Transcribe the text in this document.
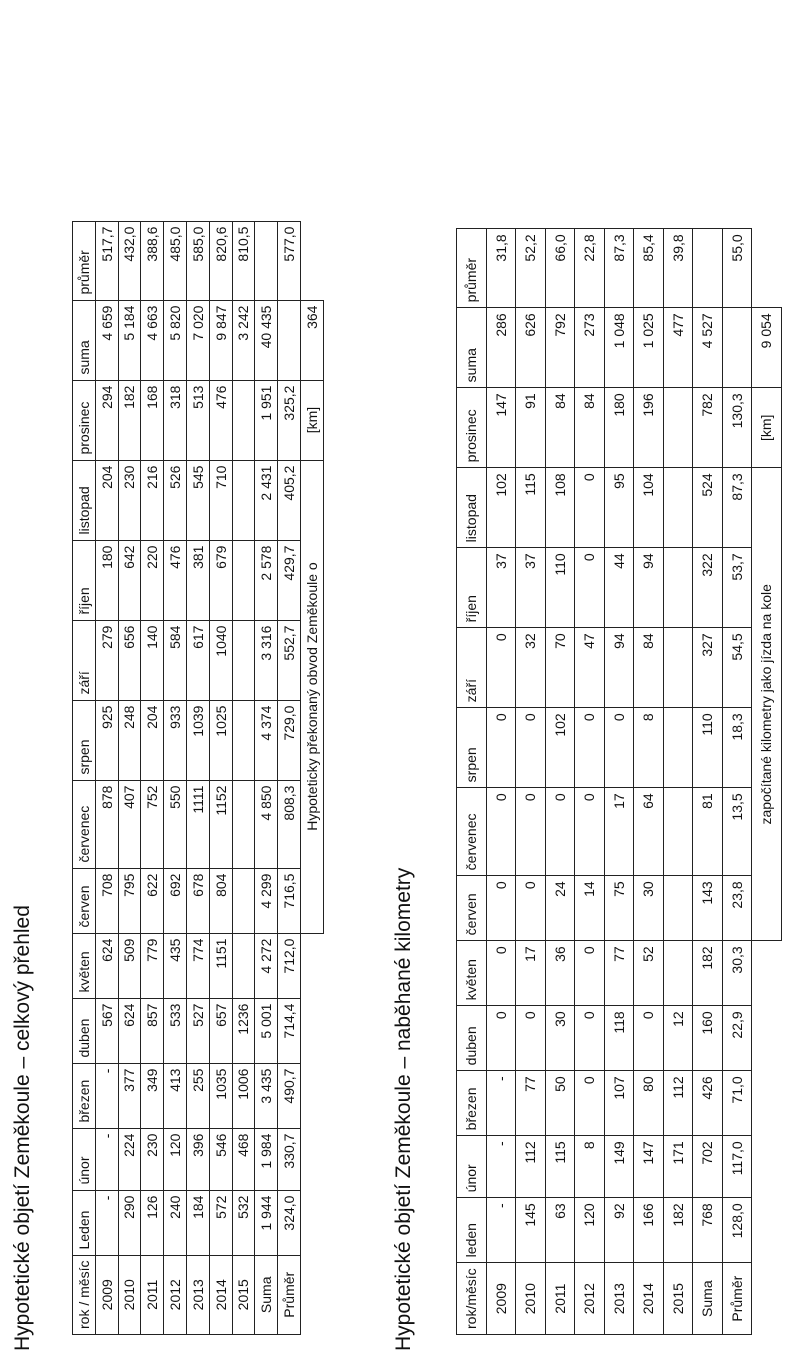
Hypotetické objetí Zeměkoule – celkový přehled	rok / měsíc	Leden	únor	březen	duben	květen	červen	červenec	srpen	září	říjen	listopad	prosinec	suma	průměr
2009	-	-	-	567	624	708	878	925	279	180	204	294	4 659	517,7
2010	290	224	377	624	509	795	407	248	656	642	230	182	5 184	432,0
2011	126	230	349	857	779	622	752	204	140	220	216	168	4 663	388,6
2012	240	120	413	533	435	692	550	933	584	476	526	318	5 820	485,0
2013	184	396	255	527	774	678	1111	1039	617	381	545	513	7 020	585,0
2014	572	546	1035	657	1151	804	1152	1025	1040	679	710	476	9 847	820,6
2015	532	468	1006	1236									3 242	810,5
Suma	1 944	1 984	3 435	5 001	4 272	4 299	4 850	4 374	3 316	2 578	2 431	1 951	40 435	
Průměr	324,0	330,7	490,7	714,4	712,0	716,5	808,3	729,0	552,7	429,7	405,2	325,2		577,0
						Hypoteticky překonaný obvod Zeměkoule o						[km]	364	
Hypotetické objetí Zeměkoule – naběhané kilometry	rok/měsíc	leden	únor	březen	duben	květen	červen	červenec	srpen	září	říjen	listopad	prosinec	suma	průměr
2009	-	-	-	0	0	0	0	0	0	37	102	147	286	31,8
2010	145	112	77	0	17	0	0	0	32	37	115	91	626	52,2
2011	63	115	50	30	36	24	0	102	70	110	108	84	792	66,0
2012	120	8	0	0	0	14	0	0	47	0	0	84	273	22,8
2013	92	149	107	118	77	75	17	0	94	44	95	180	1 048	87,3
2014	166	147	80	0	52	30	64	8	84	94	104	196	1 025	85,4
2015	182	171	112	12									477	39,8
Suma	768	702	426	160	182	143	81	110	327	322	524	782	4 527	
Průměr	128,0	117,0	71,0	22,9	30,3	23,8	13,5	18,3	54,5	53,7	87,3	130,3		55,0
						započítané kilometry jako jízda na kole						[km]	9 054	
